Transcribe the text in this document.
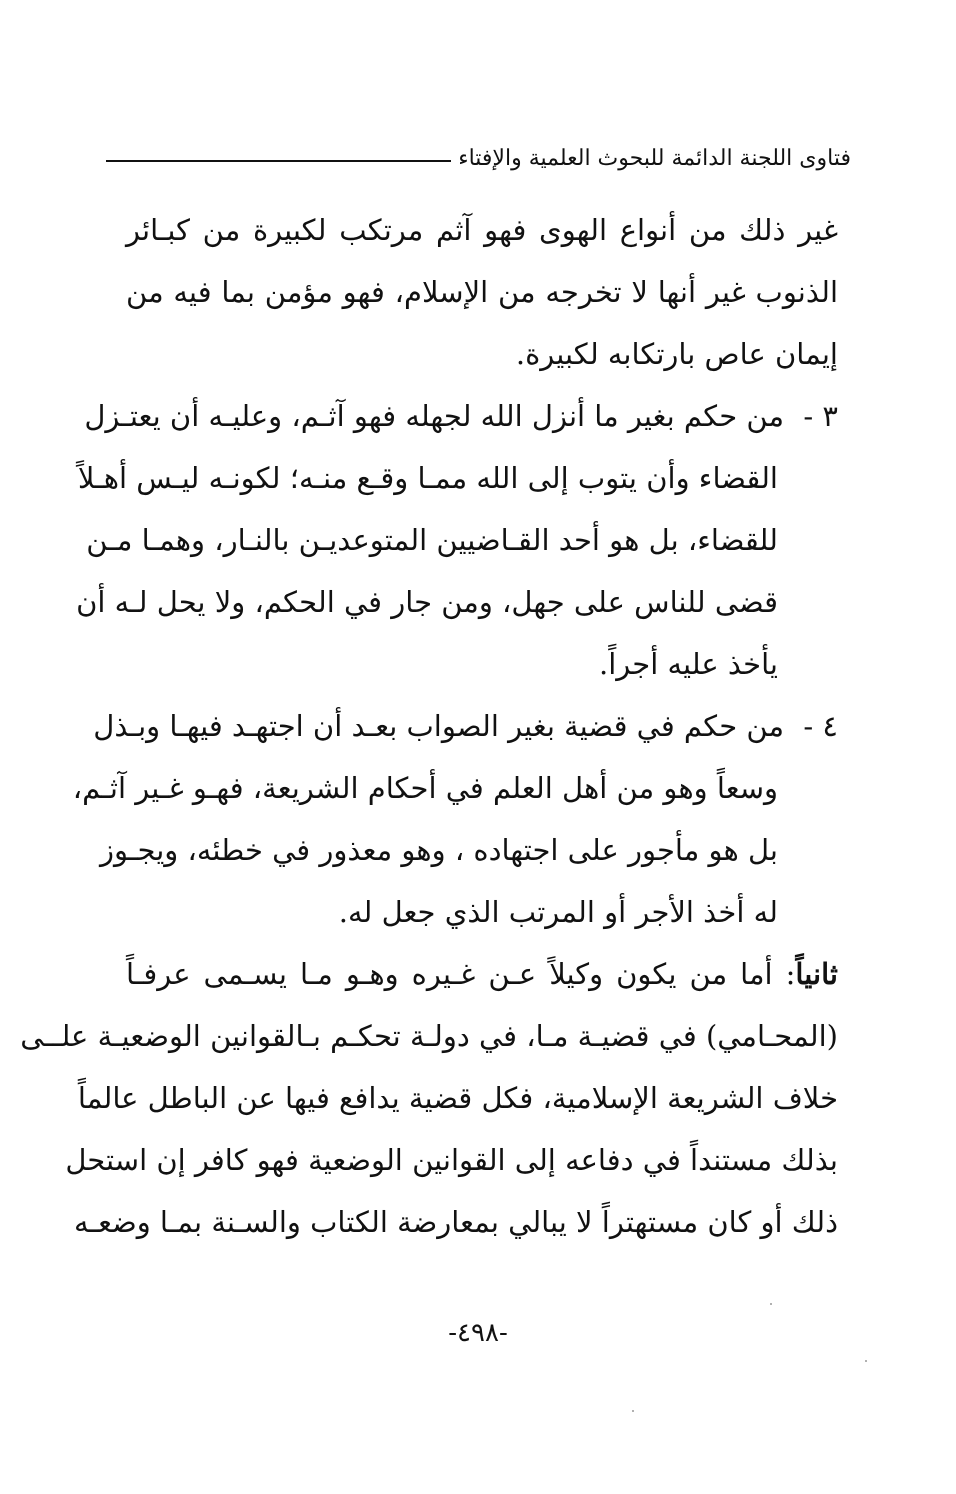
فتاوى اللجنة الدائمة للبحوث العلمية والإفتاء
غير ذلك من أنواع الهوى فهو آثم مرتكب لكبيرة من كبـائر
الذنوب غير أنها لا تخرجه من الإسلام، فهو مؤمن بما فيه من
إيمان عاص بارتكابه لكبيرة.
٣ -
من حكم بغير ما أنزل الله لجهله فهو آثـم، وعليـه أن يعتـزل
القضاء وأن يتوب إلى الله ممـا وقـع منـه؛ لكونـه ليـس أهـلاً
للقضاء، بل هو أحد القـاضيين المتوعديـن بالنـار، وهمـا مـن
قضى للناس على جهل، ومن جار في الحكم، ولا يحل لـه أن
يأخذ عليه أجراً.
٤ -
من حكم في قضية بغير الصواب بعـد أن اجتهـد فيهـا وبـذل
وسعاً وهو من أهل العلم في أحكام الشريعة، فهـو غـير آثـم،
بل هو مأجور على اجتهاده ، وهو معذور في خطئه، ويجـوز
له أخذ الأجر أو المرتب الذي جعل له.
ثانياً: أما من يكون وكيلاً عـن غـيره وهـو مـا يسـمى عرفـاً
(المحـامي) في قضيـة مـا، في دولـة تحكـم بـالقوانين الوضعيـة علــى
خلاف الشريعة الإسلامية، فكل قضية يدافع فيها عن الباطل عالماً
بذلك مستنداً في دفاعه إلى القوانين الوضعية فهو كافر إن استحل
ذلك أو كان مستهتراً لا يبالي بمعارضة الكتاب والسـنة بمـا وضعـه
-٤٩٨-
